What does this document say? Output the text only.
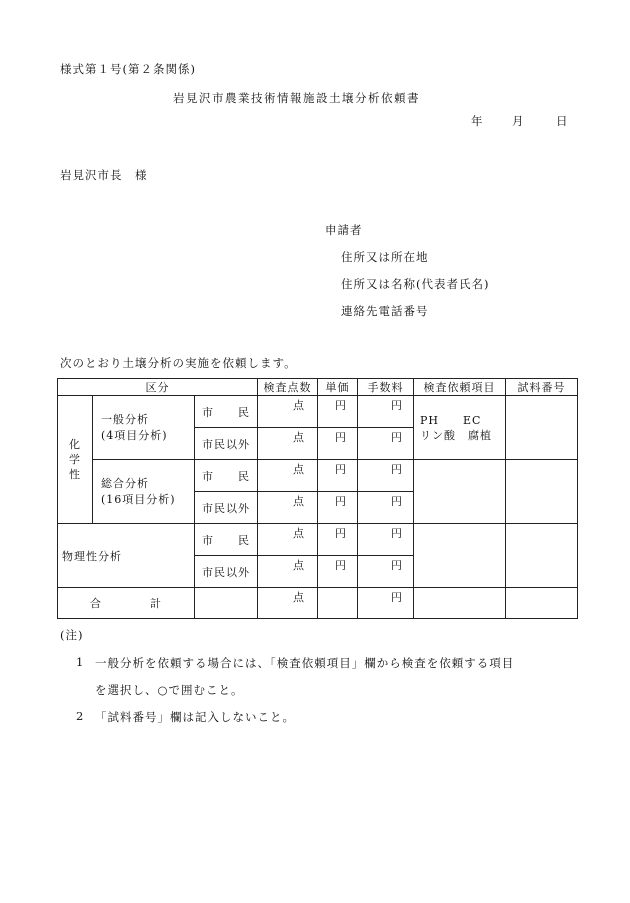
様式第１号(第２条関係)
岩見沢市農業技術情報施設土壌分析依頼書
年 月	日
岩見沢市長　様
申請者
住所又は所在地
住所又は名称(代表者氏名)
連絡先電話番号
次のとおり土壌分析の実施を依頼します。
区分			検査点数	単価	手数料	検査依頼項目	試料番号
化
学
性	一般分析
(4項目分析)	市　　民	点	円	円	PH　　EC
リン酸　腐植	
		市民以外	点	円	円		
	総合分析
(16項目分析)	市　　民	点	円	円		
		市民以外	点	円	円		
物理性分析		市　　民	点	円	円		
		市民以外	点	円	円		
合　　　　計			点		円		
(注)
1 一般分析を依頼する場合には、「検査依頼項目」欄から検査を依頼する項目
を選択し、○で囲むこと。
2 「試料番号」欄は記入しないこと。
